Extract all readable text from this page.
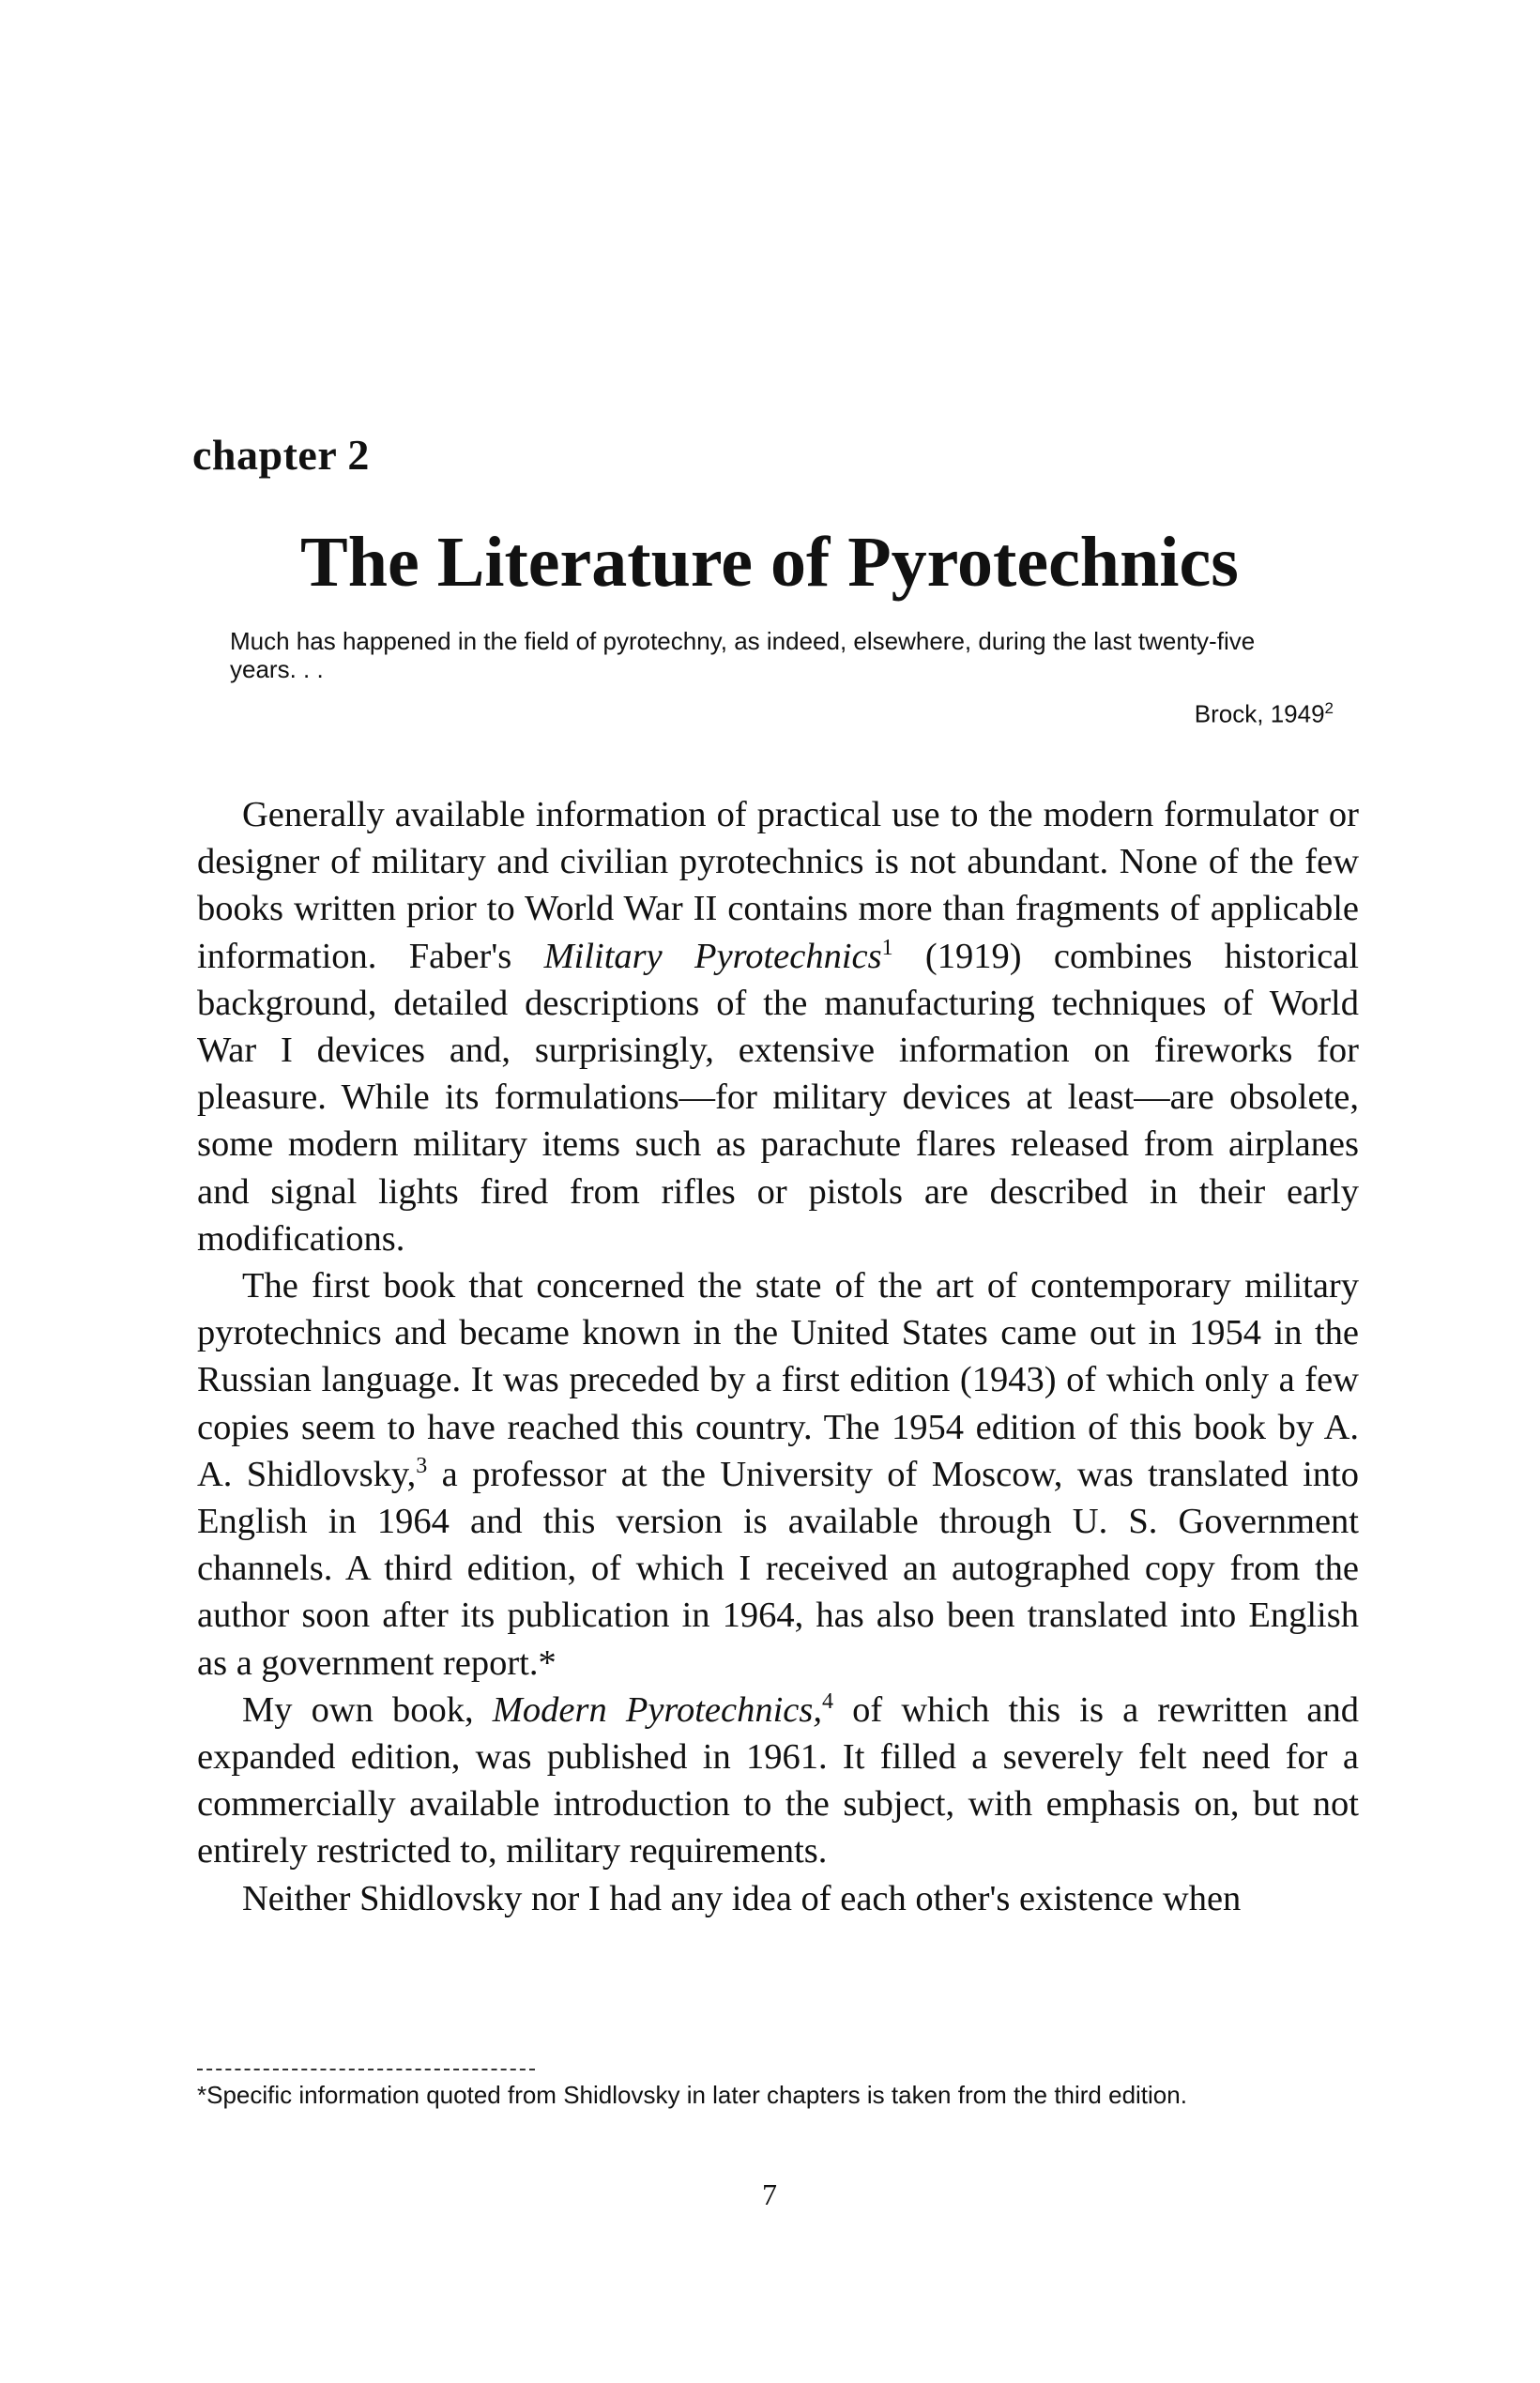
chapter 2
The Literature of Pyrotechnics
Much has happened in the field of pyrotechny, as indeed, elsewhere, during the last twenty-five years. . .
Brock, 1949$^2$

Generally available information of practical use to the modern formulator or designer of military and civilian pyrotechnics is not abundant. None of the few books written prior to World War II contains more than fragments of applicable information. Faber's Military Pyrotechnics$^1$ (1919) combines historical background, detailed descriptions of the manufacturing techniques of World War I devices and, surprisingly, extensive information on fireworks for pleasure. While its formulations—for military devices at least—are obsolete, some modern military items such as parachute flares released from airplanes and signal lights fired from rifles or pistols are described in their early modifications.

The first book that concerned the state of the art of contemporary military pyrotechnics and became known in the United States came out in 1954 in the Russian language. It was preceded by a first edition (1943) of which only a few copies seem to have reached this country. The 1954 edition of this book by A. A. Shidlovsky,$^3$ a professor at the University of Moscow, was translated into English in 1964 and this version is available through U. S. Government channels. A third edition, of which I received an autographed copy from the author soon after its publication in 1964, has also been translated into English as a government report.*

My own book, Modern Pyrotechnics,$^4$ of which this is a rewritten and expanded edition, was published in 1961. It filled a severely felt need for a commercially available introduction to the subject, with emphasis on, but not entirely restricted to, military requirements.

Neither Shidlovsky nor I had any idea of each other's existence when

*Specific information quoted from Shidlovsky in later chapters is taken from the third edition.
7
